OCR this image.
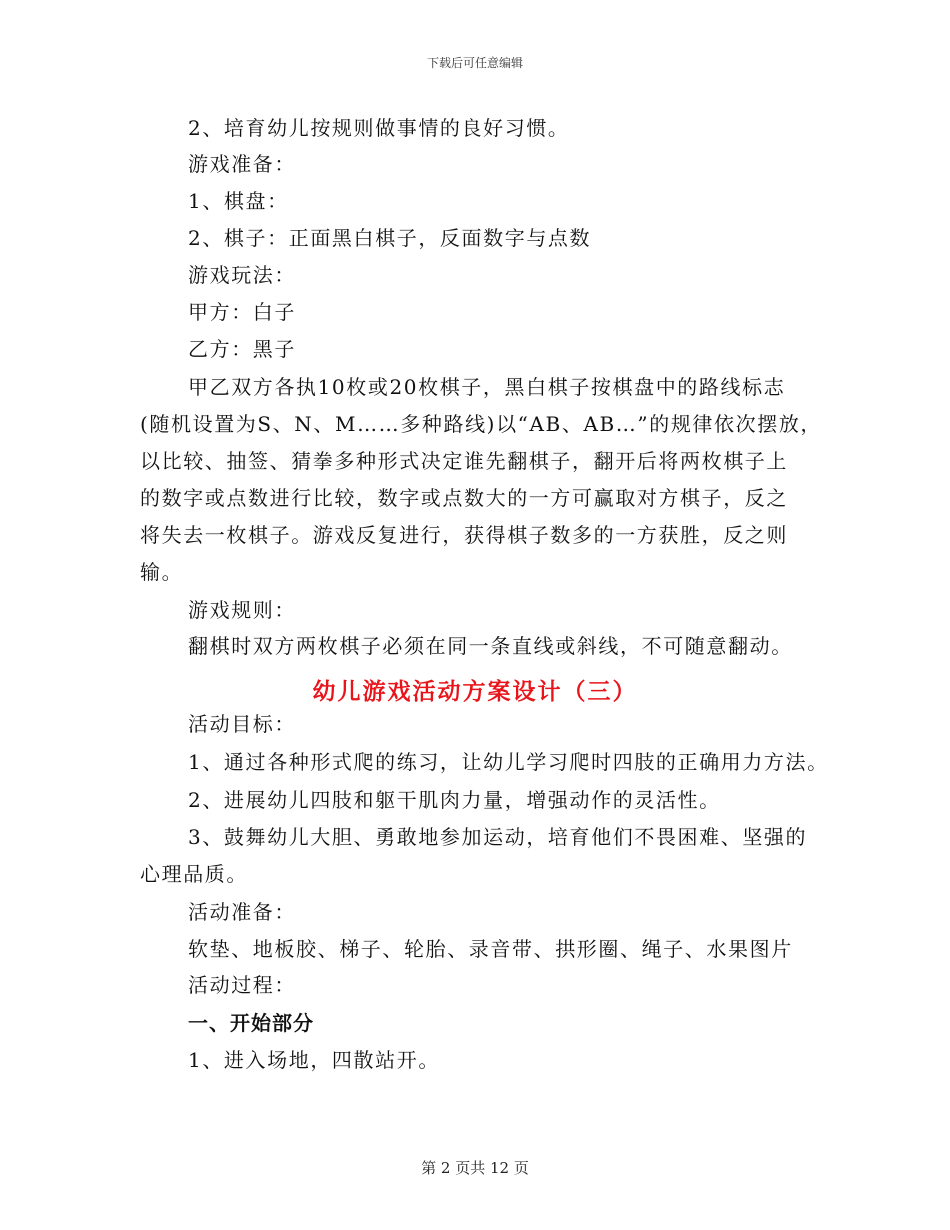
下载后可任意编辑
2、培育幼儿按规则做事情的良好习惯。
游戏准备：
1、棋盘：
2、棋子：正面黑白棋子，反面数字与点数
游戏玩法：
甲方：白子
乙方：黑子
甲乙双方各执10枚或20枚棋子，黑白棋子按棋盘中的路线标志
(随机设置为S、N、M……多种路线)以“AB、AB…”的规律依次摆放，
以比较、抽签、猜拳多种形式决定谁先翻棋子，翻开后将两枚棋子上
的数字或点数进行比较，数字或点数大的一方可赢取对方棋子，反之
将失去一枚棋子。游戏反复进行，获得棋子数多的一方获胜，反之则
输。
游戏规则：
翻棋时双方两枚棋子必须在同一条直线或斜线，不可随意翻动。
幼儿游戏活动方案设计（三）
活动目标：
1、通过各种形式爬的练习，让幼儿学习爬时四肢的正确用力方法。
2、进展幼儿四肢和躯干肌肉力量，增强动作的灵活性。
3、鼓舞幼儿大胆、勇敢地参加运动，培育他们不畏困难、坚强的
心理品质。
活动准备：
软垫、地板胶、梯子、轮胎、录音带、拱形圈、绳子、水果图片
活动过程：
一、开始部分
1、进入场地，四散站开。
第 2 页共 12 页
